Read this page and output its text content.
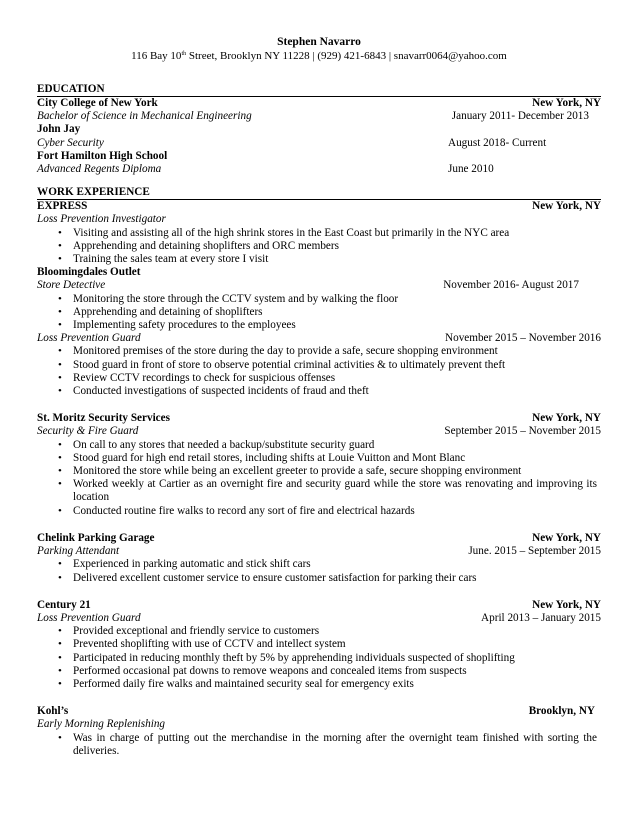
Stephen Navarro
116 Bay 10th Street, Brooklyn NY 11228 | (929) 421-6843 | snavarr0064@yahoo.com
EDUCATION
City College of New York	New York, NY
Bachelor of Science in Mechanical Engineering	January 2011- December 2013
John Jay
Cyber Security	August 2018- Current
Fort Hamilton High School
Advanced Regents Diploma	June 2010
WORK EXPERIENCE
EXPRESS	New York, NY
Loss Prevention Investigator
• Visiting and assisting all of the high shrink stores in the East Coast but primarily in the NYC area
• Apprehending and detaining shoplifters and ORC members
• Training the sales team at every store I visit
Bloomingdales Outlet
Store Detective	November 2016- August 2017
• Monitoring the store through the CCTV system and by walking the floor
• Apprehending and detaining of shoplifters
• Implementing safety procedures to the employees
Loss Prevention Guard	November 2015 – November 2016
• Monitored premises of the store during the day to provide a safe, secure shopping environment
• Stood guard in front of store to observe potential criminal activities & to ultimately prevent theft
• Review CCTV recordings to check for suspicious offenses
• Conducted investigations of suspected incidents of fraud and theft
St. Moritz Security Services	New York, NY
Security & Fire Guard	September 2015 – November 2015
• On call to any stores that needed a backup/substitute security guard
• Stood guard for high end retail stores, including shifts at Louie Vuitton and Mont Blanc
• Monitored the store while being an excellent greeter to provide a safe, secure shopping environment
• Worked weekly at Cartier as an overnight fire and security guard while the store was renovating and improving its location
• Conducted routine fire walks to record any sort of fire and electrical hazards
Chelink Parking Garage	New York, NY
Parking Attendant	June. 2015 – September 2015
• Experienced in parking automatic and stick shift cars
• Delivered excellent customer service to ensure customer satisfaction for parking their cars
Century 21	New York, NY
Loss Prevention Guard	April 2013 – January 2015
• Provided exceptional and friendly service to customers
• Prevented shoplifting with use of CCTV and intellect system
• Participated in reducing monthly theft by 5% by apprehending individuals suspected of shoplifting
• Performed occasional pat downs to remove weapons and concealed items from suspects
• Performed daily fire walks and maintained security seal for emergency exits
Kohl’s	Brooklyn, NY
Early Morning Replenishing
• Was in charge of putting out the merchandise in the morning after the overnight team finished with sorting the deliveries.
